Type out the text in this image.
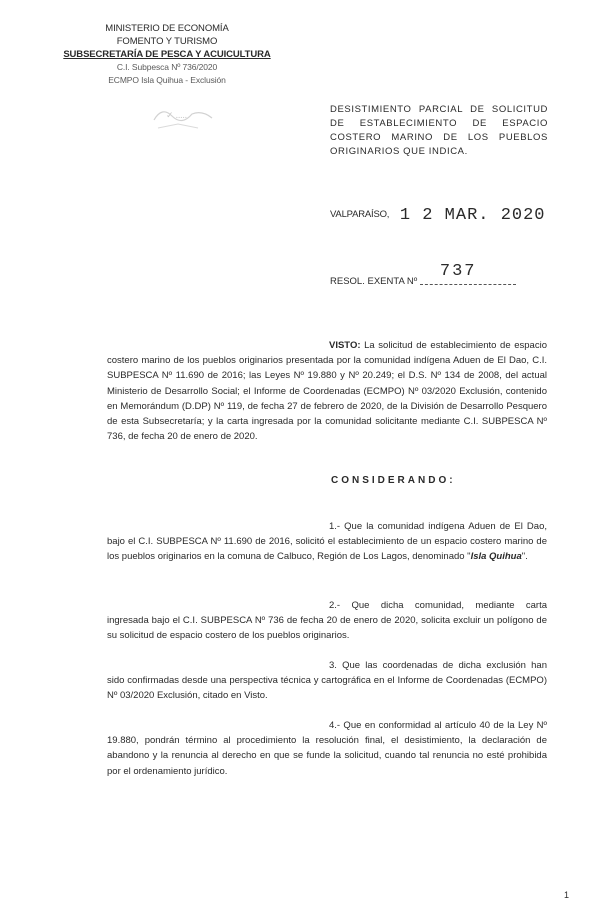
MINISTERIO DE ECONOMÍA
FOMENTO Y TURISMO
SUBSECRETARÍA DE PESCA Y ACUICULTURA
C.I. Subpesca Nº 736/2020
ECMPO Isla Quihua - Exclusión
✓ .....	DESISTIMIENTO PARCIAL DE SOLICITUD DE ESTABLECIMIENTO DE ESPACIO COSTERO MARINO DE LOS PUEBLOS ORIGINARIOS QUE INDICA.
VALPARAÍSO, 1 2 MAR. 2020
RESOL. EXENTA Nº
737
VISTO: La solicitud de establecimiento de espacio costero marino de los pueblos originarios presentada por la comunidad indígena Aduen de El Dao, C.I. SUBPESCA Nº 11.690 de 2016; las Leyes Nº 19.880 y Nº 20.249; el D.S. Nº 134 de 2008, del actual Ministerio de Desarrollo Social; el Informe de Coordenadas (ECMPO) Nº 03/2020 Exclusión, contenido en Memorándum (D.DP) Nº 119, de fecha 27 de febrero de 2020, de la División de Desarrollo Pesquero de esta Subsecretaría; y la carta ingresada por la comunidad solicitante mediante C.I. SUBPESCA Nº 736, de fecha 20 de enero de 2020.
CONSIDERANDO:
1.- Que la comunidad indígena Aduen de El Dao, bajo el C.I. SUBPESCA Nº 11.690 de 2016, solicitó el establecimiento de un espacio costero marino de los pueblos originarios en la comuna de Calbuco, Región de Los Lagos, denominado "Isla Quihua".
2.- Que dicha comunidad, mediante carta ingresada bajo el C.I. SUBPESCA Nº 736 de fecha 20 de enero de 2020, solicita excluir un polígono de su solicitud de espacio costero de los pueblos originarios.
3. Que las coordenadas de dicha exclusión han sido confirmadas desde una perspectiva técnica y cartográfica en el Informe de Coordenadas (ECMPO) Nº 03/2020 Exclusión, citado en Visto.
4.- Que en conformidad al artículo 40 de la Ley Nº 19.880, pondrán término al procedimiento la resolución final, el desistimiento, la declaración de abandono y la renuncia al derecho en que se funde la solicitud, cuando tal renuncia no esté prohibida por el ordenamiento jurídico.
1
